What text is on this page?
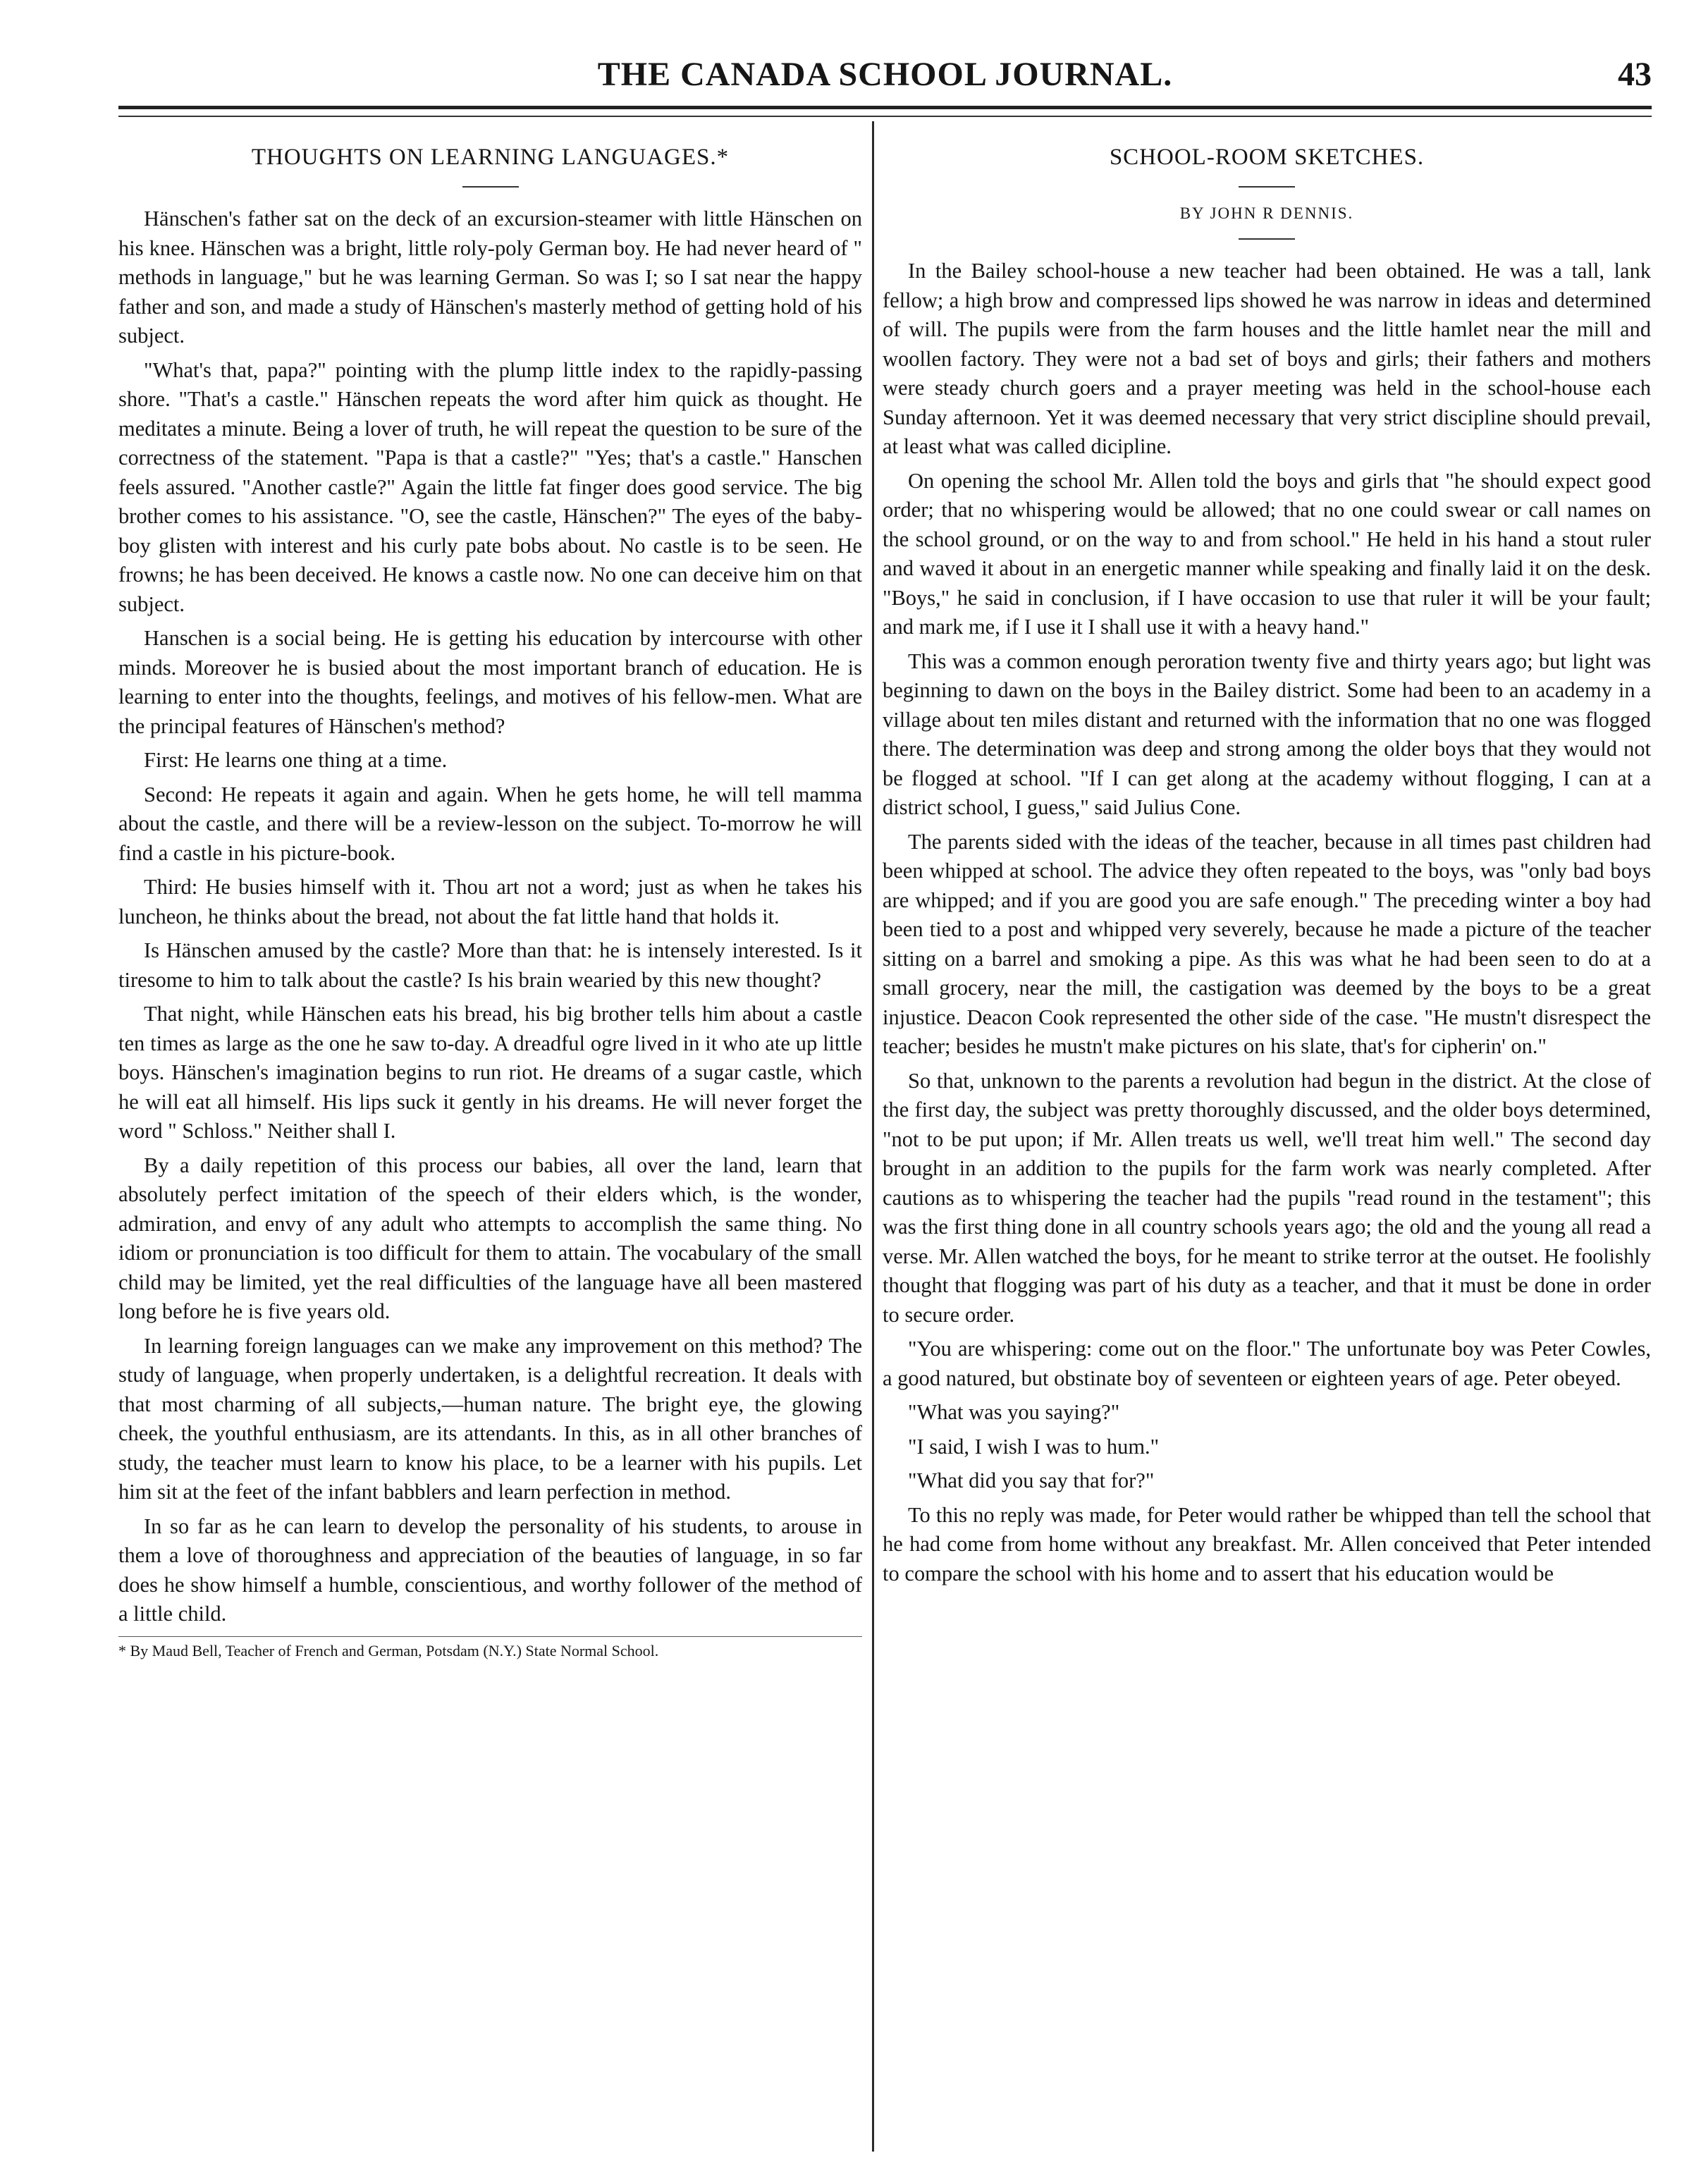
THE CANADA SCHOOL JOURNAL.	43
THOUGHTS ON LEARNING LANGUAGES.*

Hänschen's father sat on the deck of an excursion-steamer with little Hänschen on his knee. Hänschen was a bright, little roly-poly German boy. He had never heard of " methods in language," but he was learning German. So was I; so I sat near the happy father and son, and made a study of Hänschen's masterly method of getting hold of his subject.

"What's that, papa?" pointing with the plump little index to the rapidly-passing shore. "That's a castle." Hänschen repeats the word after him quick as thought. He meditates a minute. Being a lover of truth, he will repeat the question to be sure of the correctness of the statement. "Papa is that a castle?" "Yes; that's a castle." Hanschen feels assured. "Another castle?" Again the little fat finger does good service. The big brother comes to his assistance. "O, see the castle, Hänschen?" The eyes of the baby-boy glisten with interest and his curly pate bobs about. No castle is to be seen. He frowns; he has been deceived. He knows a castle now. No one can deceive him on that subject.

Hanschen is a social being. He is getting his education by intercourse with other minds. Moreover he is busied about the most important branch of education. He is learning to enter into the thoughts, feelings, and motives of his fellow-men. What are the principal features of Hänschen's method?

First: He learns one thing at a time.

Second: He repeats it again and again. When he gets home, he will tell mamma about the castle, and there will be a review-lesson on the subject. To-morrow he will find a castle in his picture-book.

Third: He busies himself with it. Thou art not a word; just as when he takes his luncheon, he thinks about the bread, not about the fat little hand that holds it.

Is Hänschen amused by the castle? More than that: he is intensely interested. Is it tiresome to him to talk about the castle? Is his brain wearied by this new thought?

That night, while Hänschen eats his bread, his big brother tells him about a castle ten times as large as the one he saw to-day. A dreadful ogre lived in it who ate up little boys. Hänschen's imagination begins to run riot. He dreams of a sugar castle, which he will eat all himself. His lips suck it gently in his dreams. He will never forget the word " Schloss." Neither shall I.

By a daily repetition of this process our babies, all over the land, learn that absolutely perfect imitation of the speech of their elders which, is the wonder, admiration, and envy of any adult who attempts to accomplish the same thing. No idiom or pronunciation is too difficult for them to attain. The vocabulary of the small child may be limited, yet the real difficulties of the language have all been mastered long before he is five years old.

In learning foreign languages can we make any improvement on this method? The study of language, when properly undertaken, is a delightful recreation. It deals with that most charming of all subjects,—human nature. The bright eye, the glowing cheek, the youthful enthusiasm, are its attendants. In this, as in all other branches of study, the teacher must learn to know his place, to be a learner with his pupils. Let him sit at the feet of the infant babblers and learn perfection in method.

In so far as he can learn to develop the personality of his students, to arouse in them a love of thoroughness and appreciation of the beauties of language, in so far does he show himself a humble, conscientious, and worthy follower of the method of a little child.

* By Maud Bell, Teacher of French and German, Potsdam (N.Y.) State Normal School.

SCHOOL-ROOM SKETCHES.

BY JOHN R DENNIS.

In the Bailey school-house a new teacher had been obtained. He was a tall, lank fellow; a high brow and compressed lips showed he was narrow in ideas and determined of will. The pupils were from the farm houses and the little hamlet near the mill and woollen factory. They were not a bad set of boys and girls; their fathers and mothers were steady church goers and a prayer meeting was held in the school-house each Sunday afternoon. Yet it was deemed necessary that very strict discipline should prevail, at least what was called dicipline.

On opening the school Mr. Allen told the boys and girls that "he should expect good order; that no whispering would be allowed; that no one could swear or call names on the school ground, or on the way to and from school." He held in his hand a stout ruler and waved it about in an energetic manner while speaking and finally laid it on the desk. "Boys," he said in conclusion, if I have occasion to use that ruler it will be your fault; and mark me, if I use it I shall use it with a heavy hand."

This was a common enough peroration twenty five and thirty years ago; but light was beginning to dawn on the boys in the Bailey district. Some had been to an academy in a village about ten miles distant and returned with the information that no one was flogged there. The determination was deep and strong among the older boys that they would not be flogged at school. "If I can get along at the academy without flogging, I can at a district school, I guess," said Julius Cone.

The parents sided with the ideas of the teacher, because in all times past children had been whipped at school. The advice they often repeated to the boys, was "only bad boys are whipped; and if you are good you are safe enough." The preceding winter a boy had been tied to a post and whipped very severely, because he made a picture of the teacher sitting on a barrel and smoking a pipe. As this was what he had been seen to do at a small grocery, near the mill, the castigation was deemed by the boys to be a great injustice. Deacon Cook represented the other side of the case. "He mustn't disrespect the teacher; besides he mustn't make pictures on his slate, that's for cipherin' on."

So that, unknown to the parents a revolution had begun in the district. At the close of the first day, the subject was pretty thoroughly discussed, and the older boys determined, "not to be put upon; if Mr. Allen treats us well, we'll treat him well." The second day brought in an addition to the pupils for the farm work was nearly completed. After cautions as to whispering the teacher had the pupils "read round in the testament"; this was the first thing done in all country schools years ago; the old and the young all read a verse. Mr. Allen watched the boys, for he meant to strike terror at the outset. He foolishly thought that flogging was part of his duty as a teacher, and that it must be done in order to secure order.

"You are whispering: come out on the floor." The unfortunate boy was Peter Cowles, a good natured, but obstinate boy of seventeen or eighteen years of age. Peter obeyed.

"What was you saying?"

"I said, I wish I was to hum."

"What did you say that for?"

To this no reply was made, for Peter would rather be whipped than tell the school that he had come from home without any breakfast. Mr. Allen conceived that Peter intended to compare the school with his home and to assert that his education would be
